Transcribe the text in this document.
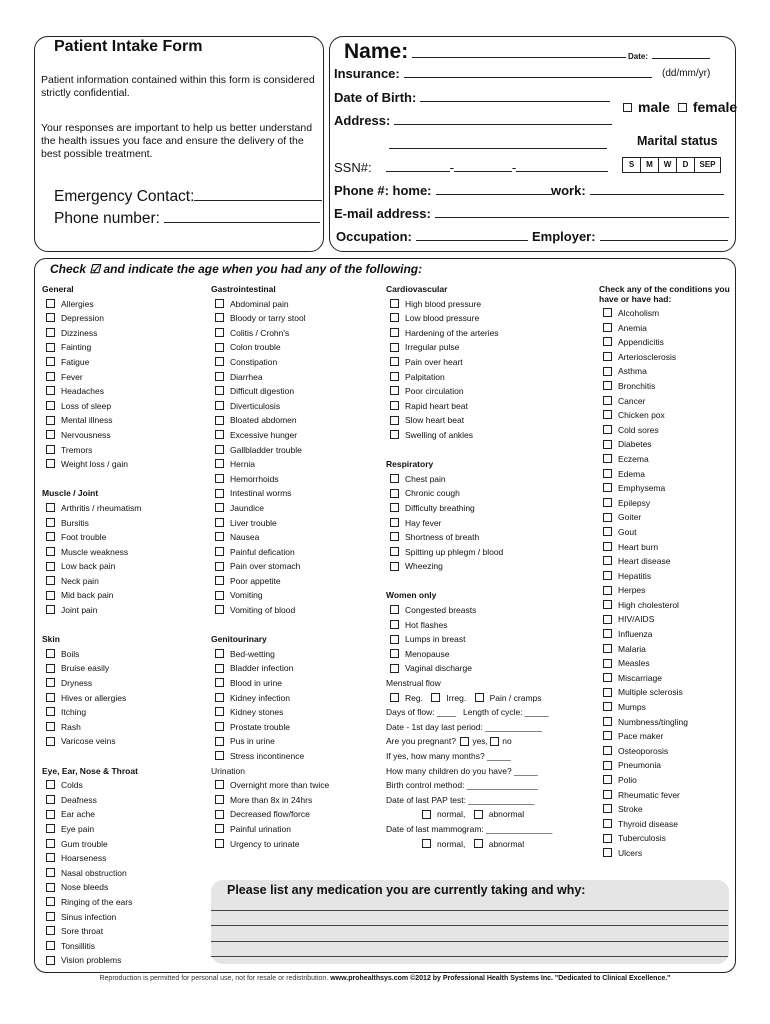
Patient Intake Form

Patient information contained within this form is considered strictly confidential.

Your responses are important to help us better understand the health issues you face and ensure the delivery of the best possible treatment.

Emergency Contact:
Phone number:
Name:	Date:
Insurance:	(dd/mm/yr)
Date of Birth:
male female
Address:
Marital status
S	M	W	D	SEP
SSN#:	-	-
Phone #: home:	work:
E-mail address:
Occupation:	Employer:
Check ☑ and indicate the age when you had any of the following:
General
Allergies
Depression
Dizziness
Fainting
Fatigue
Fever
Headaches
Loss of sleep
Mental illness
Nervousness
Tremors
Weight loss / gain
Muscle / Joint
Arthritis / rheumatism
Bursitis
Foot trouble
Muscle weakness
Low back pain
Neck pain
Mid back pain
Joint pain
Skin
Boils
Bruise easily
Dryness
Hives or allergies
Itching
Rash
Varicose veins
Eye, Ear, Nose & Throat
Colds
Deafness
Ear ache
Eye pain
Gum trouble
Hoarseness
Nasal obstruction
Nose bleeds
Ringing of the ears
Sinus infection
Sore throat
Tonsillitis
Vision problems
Gastrointestinal
Abdominal pain
Bloody or tarry stool
Colitis / Crohn's
Colon trouble
Constipation
Diarrhea
Difficult digestion
Diverticulosis
Bloated abdomen
Excessive hunger
Gallbladder trouble
Hernia
Hemorrhoids
Intestinal worms
Jaundice
Liver trouble
Nausea
Painful defication
Pain over stomach
Poor appetite
Vomiting
Vomiting of blood
Genitourinary
Bed-wetting
Bladder infection
Blood in urine
Kidney infection
Kidney stones
Prostate trouble
Pus in urine
Stress incontinence
Urination
Overnight more than twice
More than 8x in 24hrs
Decreased flow/force
Painful urination
Urgency to urinate
Cardiovascular
High blood pressure
Low blood pressure
Hardening of the arteries
Irregular pulse
Pain over heart
Palpitation
Poor circulation
Rapid heart beat
Slow heart beat
Swelling of ankles
Respiratory
Chest pain
Chronic cough
Difficulty breathing
Hay fever
Shortness of breath
Spitting up phlegm / blood
Wheezing
Women only
Congested breasts
Hot flashes
Lumps in breast
Menopause
Vaginal discharge
Menstrual flow
Reg.	Irreg.	Pain / cramps
Days of flow: ____ Length of cycle: _____
Date - 1st day last period: ____________
Are you pregnant? yes, no
If yes, how many months? _____
How many children do you have? _____
Birth control method: _______________
Date of last PAP test: ______________
normal,	abnormal
Date of last mammogram: ______________
normal,	abnormal
Check any of the conditions you have or have had:
Alcoholism
Anemia
Appendicitis
Arteriosclerosis
Asthma
Bronchitis
Cancer
Chicken pox
Cold sores
Diabetes
Eczema
Edema
Emphysema
Epilepsy
Goiter
Gout
Heart burn
Heart disease
Hepatitis
Herpes
High cholesterol
HIV/AIDS
Influenza
Malaria
Measles
Miscarriage
Multiple sclerosis
Mumps
Numbness/tingling
Pace maker
Osteoporosis
Pneumonia
Polio
Rheumatic fever
Stroke
Thyroid disease
Tuberculosis
Ulcers
Please list any medication you are currently taking and why:
Reproduction is permitted for personal use, not for resale or redistribution. www.prohealthsys.com ©2012 by Professional Health Systems Inc. "Dedicated to Clinical Excellence."
